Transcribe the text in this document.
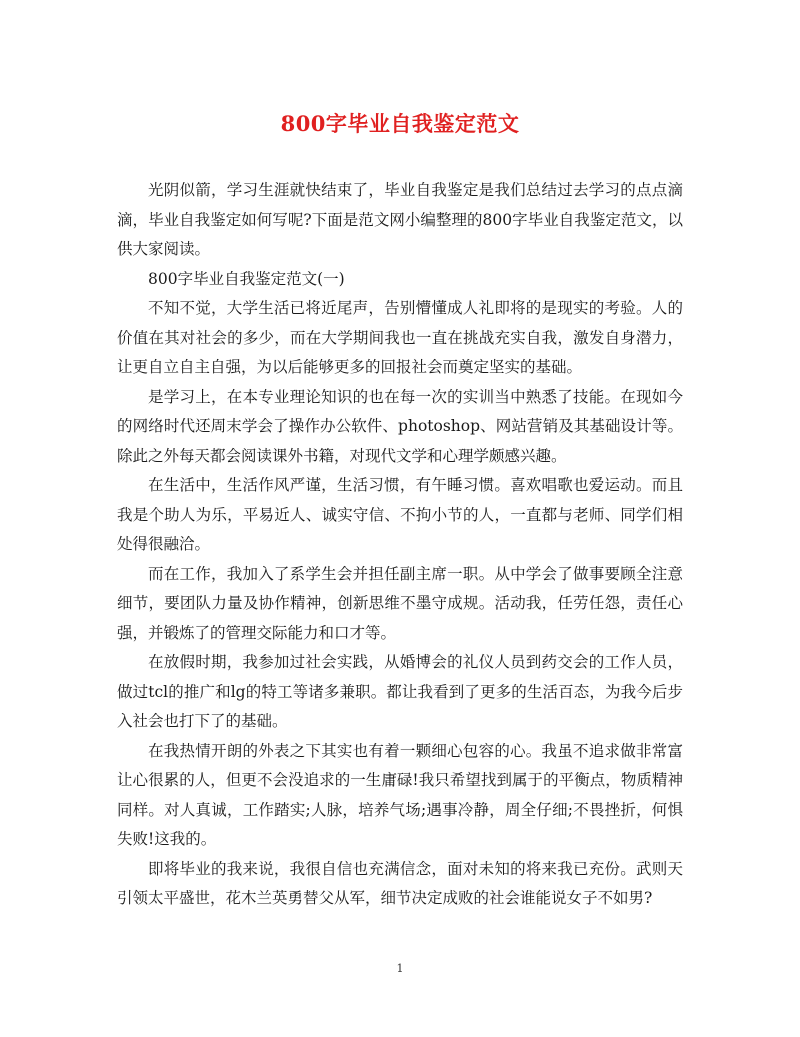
800字毕业自我鉴定范文

光阴似箭，学习生涯就快结束了，毕业自我鉴定是我们总结过去学习的点点滴滴，毕业自我鉴定如何写呢?下面是范文网小编整理的800字毕业自我鉴定范文，以供大家阅读。

800字毕业自我鉴定范文(一)

不知不觉，大学生活已将近尾声，告别懵懂成人礼即将的是现实的考验。人的价值在其对社会的多少，而在大学期间我也一直在挑战充实自我，激发自身潜力，让更自立自主自强，为以后能够更多的回报社会而奠定坚实的基础。

是学习上，在本专业理论知识的也在每一次的实训当中熟悉了技能。在现如今的网络时代还周末学会了操作办公软件、photoshop、网站营销及其基础设计等。除此之外每天都会阅读课外书籍，对现代文学和心理学颇感兴趣。

在生活中，生活作风严谨，生活习惯，有午睡习惯。喜欢唱歌也爱运动。而且我是个助人为乐，平易近人、诚实守信、不拘小节的人，一直都与老师、同学们相处得很融洽。

而在工作，我加入了系学生会并担任副主席一职。从中学会了做事要顾全注意细节，要团队力量及协作精神，创新思维不墨守成规。活动我，任劳任怨，责任心强，并锻炼了的管理交际能力和口才等。

在放假时期，我参加过社会实践，从婚博会的礼仪人员到药交会的工作人员，做过tcl的推广和lg的特工等诸多兼职。都让我看到了更多的生活百态，为我今后步入社会也打下了的基础。

在我热情开朗的外表之下其实也有着一颗细心包容的心。我虽不追求做非常富让心很累的人，但更不会没追求的一生庸碌!我只希望找到属于的平衡点，物质精神同样。对人真诚，工作踏实;人脉，培养气场;遇事冷静，周全仔细;不畏挫折，何惧失败!这我的。

即将毕业的我来说，我很自信也充满信念，面对未知的将来我已充份。武则天引领太平盛世，花木兰英勇替父从军，细节决定成败的社会谁能说女子不如男?

1
